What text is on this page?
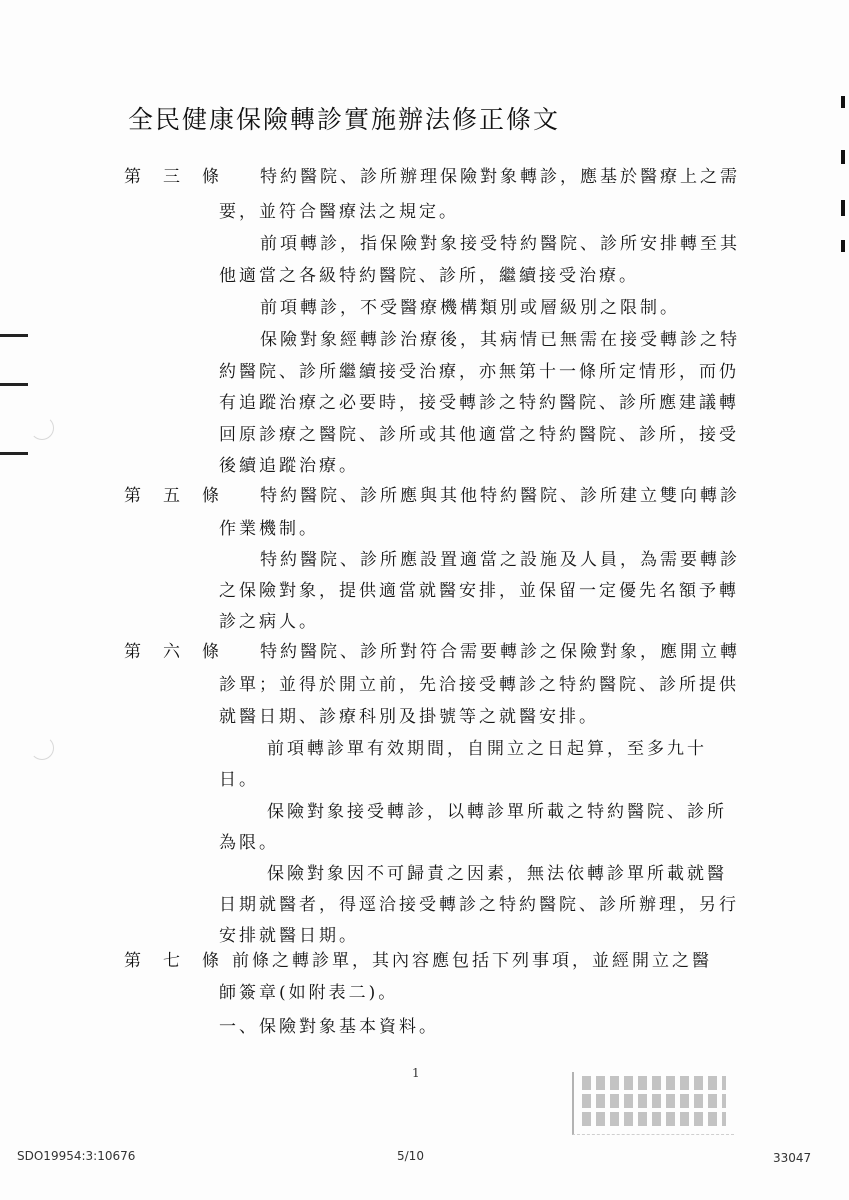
全民健康保險轉診實施辦法修正條文
第三條 特約醫院、診所辦理保險對象轉診，應基於醫療上之需
要，並符合醫療法之規定。
前項轉診，指保險對象接受特約醫院、診所安排轉至其
他適當之各級特約醫院、診所，繼續接受治療。
前項轉診，不受醫療機構類別或層級別之限制。
保險對象經轉診治療後，其病情已無需在接受轉診之特
約醫院、診所繼續接受治療，亦無第十一條所定情形，而仍
有追蹤治療之必要時，接受轉診之特約醫院、診所應建議轉
回原診療之醫院、診所或其他適當之特約醫院、診所，接受
後續追蹤治療。
第五條 特約醫院、診所應與其他特約醫院、診所建立雙向轉診
作業機制。
特約醫院、診所應設置適當之設施及人員，為需要轉診
之保險對象，提供適當就醫安排，並保留一定優先名額予轉
診之病人。
第六條 特約醫院、診所對符合需要轉診之保險對象，應開立轉
診單；並得於開立前，先洽接受轉診之特約醫院、診所提供
就醫日期、診療科別及掛號等之就醫安排。
前項轉診單有效期間，自開立之日起算，至多九十
日。
保險對象接受轉診，以轉診單所載之特約醫院、診所
為限。
保險對象因不可歸責之因素，無法依轉診單所載就醫
日期就醫者，得逕洽接受轉診之特約醫院、診所辦理，另行
安排就醫日期。
第七條
前條之轉診單，其內容應包括下列事項，並經開立之醫
師簽章(如附表二)。
一、保險對象基本資料。
1
SDO19954:3:10676	5/10	33047
